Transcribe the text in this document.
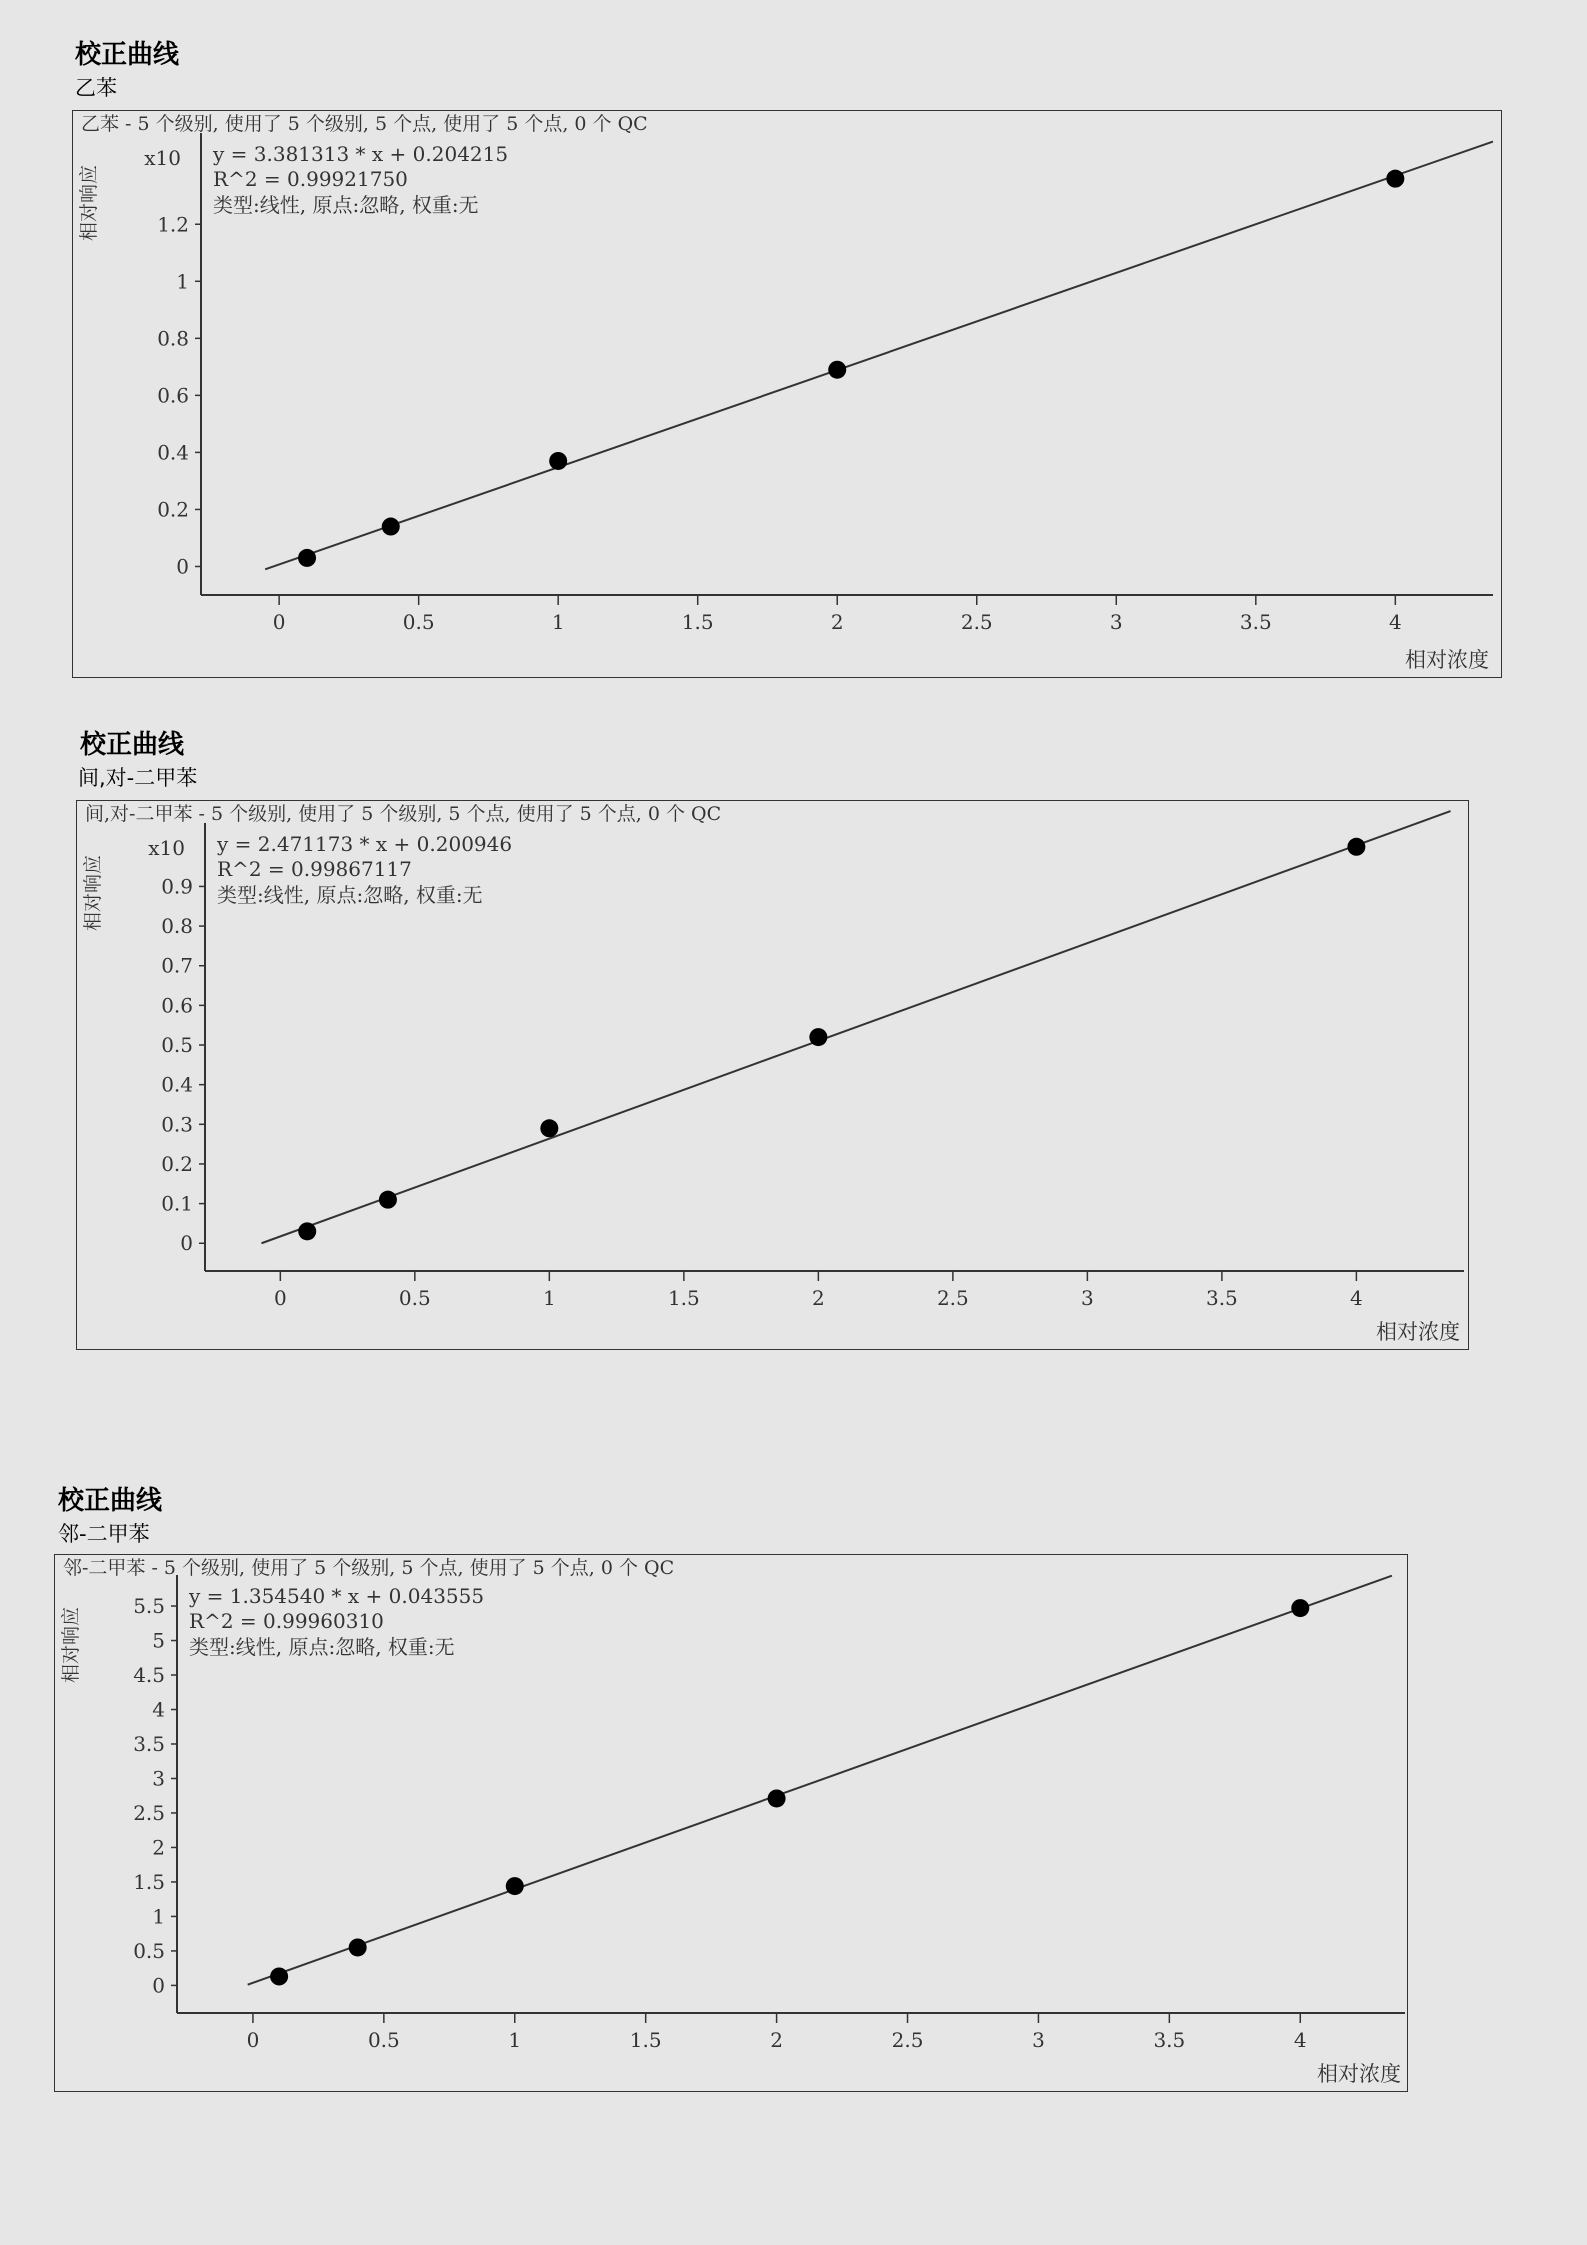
校正曲线
乙苯
乙苯 - 5 个级别, 使用了 5 个级别, 5 个点, 使用了 5 个点, 0 个 QC
0	0.5	1	1.5	2	2.5	3	3.5	4
0
0.2
0.4
0.6
0.8
1
1.2
相对浓度
相对响应
x10 y = 3.381313 * x + 0.204215
R^2 = 0.99921750
类型:线性, 原点:忽略, 权重:无
校正曲线
间,对-二甲苯
间,对-二甲苯 - 5 个级别, 使用了 5 个级别, 5 个点, 使用了 5 个点, 0 个 QC
0	0.5	1	1.5	2	2.5	3	3.5	4
0
0.1
0.2
0.3
0.4
0.5
0.6
0.7
0.8
0.9
相对浓度
相对响应
x10 y = 2.471173 * x + 0.200946
R^2 = 0.99867117
类型:线性, 原点:忽略, 权重:无
校正曲线
邻-二甲苯
邻-二甲苯 - 5 个级别, 使用了 5 个级别, 5 个点, 使用了 5 个点, 0 个 QC
0	0.5	1	1.5	2	2.5	3	3.5	4
0
0.5
1
1.5
2
2.5
3
3.5
4
4.5
5
5.5
相对浓度
相对响应
y = 1.354540 * x + 0.043555
R^2 = 0.99960310
类型:线性, 原点:忽略, 权重:无
